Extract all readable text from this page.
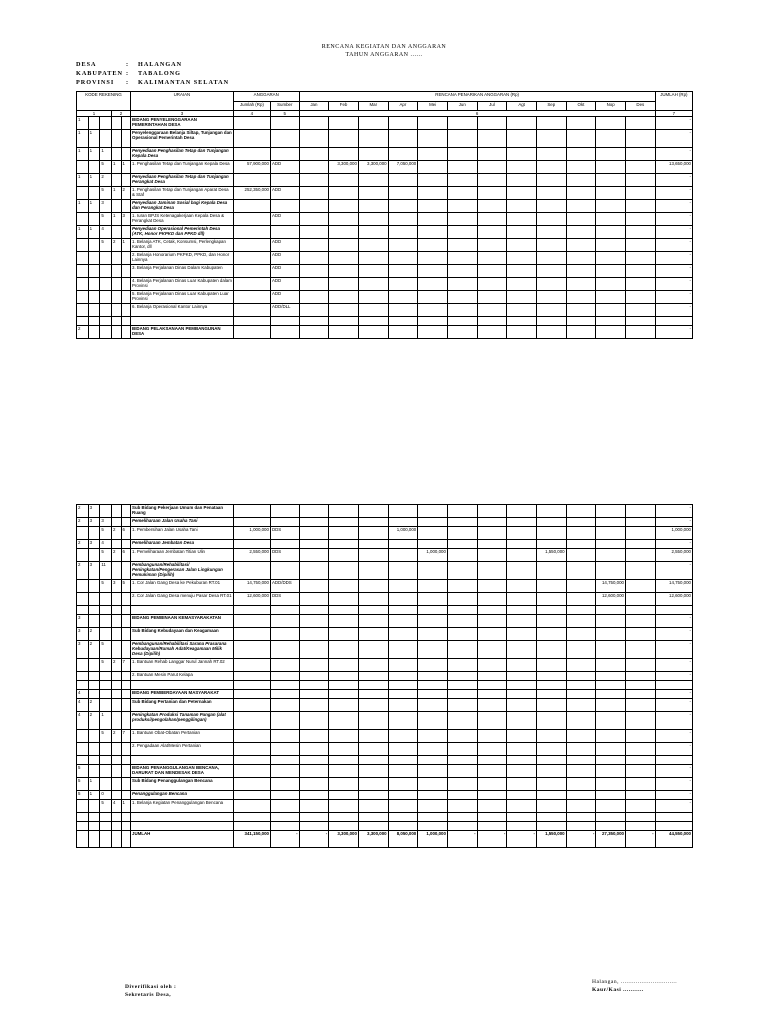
RENCANA KEGIATAN DAN ANGGARAN
TAHUN ANGGARAN ......
DESA	:	HALANGAN
KABUPATEN :	TABALONG
PROVINSI	:	KALIMANTAN SELATAN
KODE REKENING					URAIAN	ANGGARAN		RENCANA PENARIKAN ANGGARAN (Rp)												JUMLAH (Rp)
						Jumlah (Rp)	Sumber	Jan	Feb	Mar	Apr	Mei	Jun	Jul	Agt	Sep	Okt	Nop	Des	
1			2		3	4	5	6												7
1					BIDANG PENYELENGGARAAN PEMERINTAHAN DESA															-
1	1				Penyelenggaraan Belanja Siltap, Tunjangan dan Operasional Pemerintah Desa															-
1	1	1			Penyediaan Penghasilan Tetap dan Tunjangan Kepala Desa															-
		5	1	1	1. Penghasilan Tetap dan Tunjangan Kepala Desa	57,900,000	ADD		3,300,000	3,300,000	7,050,000									13,650,000
1	1	2			Penyediaan Penghasilan Tetap dan Tunjangan Perangkat Desa															-
		5	1	2	1. Penghasilan Tetap dan Tunjangan Aparat Desa & Staf	252,350,000	ADD													-
1	1	3			Penyediaan Jaminan Sosial bagi Kepala Desa dan Perangkat Desa															-
		5	1	3	1. Iuran BPJS Ketenagakerjaan Kepala Desa & Perangkat Desa		ADD													-
1	1	4			Penyediaan Operasional Pemerintah Desa (ATK, Honor PKPKD dan PPKD dll)															-
		5	2	1	1. Belanja ATK, Cetak, Konsumsi, Perlengkapan Kantor, dll		ADD													-
					2. Belanja Honorarium PKPKD, PPKD, dan Honor Lainnya		ADD													-
					3. Belanja Perjalanan Dinas Dalam Kabupaten		ADD													-
					4. Belanja Perjalanan Dinas Luar Kabupaten dalam Provinsi		ADD													-
					5. Belanja Perjalanan Dinas Luar Kabupaten Luar Provinsi		ADD													-
					6. Belanja Operasional Kantor Lainnya		ADD/DLL													-

2					BIDANG PELAKSANAAN PEMBANGUNAN DESA															-
2	3				Sub Bidang Pekerjaan Umum dan Penataan Ruang															-
2	3	3			Pemeliharaan Jalan Usaha Tani															-
		5	2	6	1. Pembersihan Jalan Usaha Tani	1,000,000	DDS				1,000,000									1,000,000
2	3	4			Pemeliharaan Jembatan Desa															-
		5	2	6	1. Pemeliharaan Jembatan Titian Ulin	2,550,000	DDS					1,000,000				1,550,000				2,550,000
2	3	11			Pembangunan/Rehabilitasi/ Peningkatan/Pengerasan Jalan Lingkungan Pemukiman (Dipilih)															-
		5	3	5	1. Cor Jalan Gang Desa ke Pekuburan RT.01	14,750,000	ADD/DDS											14,750,000		14,750,000
					2. Cor Jalan Gang Desa menuju Pasar Desa RT.01	12,600,000	DDS											12,600,000		12,600,000

3					BIDANG PEMBINAAN KEMASYARAKATAN															-
3	2				Sub Bidang Kebudayaan dan Keagamaan															-
3	2	5			Pembangunan/Rehabilitasi Sarana Prasarana Kebudayaan/Rumah Adat/Keagamaan Milik Desa (Dipilih)															-
		5	2	7	1. Bantuan Rehab Langgar Nurul Jannah RT.02															-
					2. Bantuan Mesin Parut Kelapa															-

4					BIDANG PEMBERDAYAAN MASYARAKAT															-
4	2				Sub Bidang Pertanian dan Peternakan															-
4	2	1			Peningkatan Produksi Tanaman Pangan (alat produksi/pengolahan/penggilingan)															-
		5	2	7	1. Bantuan Obat-Obatan Pertanian															-
					2. Pengadaan Alat/Mesin Pertanian															-

5					BIDANG PENANGGULANGAN BENCANA, DARURAT DAN MENDESAK DESA															-
5	1				Sub Bidang Penanggulangan Bencana															-
5	1	0			Penanggulangan Bencana															-
		5	4	1	1. Belanja Kegiatan Penanggulangan Bencana															-

					JUMLAH	341,150,000	-	-	3,300,000	3,300,000	8,050,000	1,000,000	-	-	-	1,550,000	-	27,350,000	-	44,550,000
Diverifikasi oleh :
Sekretaris Desa,
Halangan, ..............................
Kaur/Kasi ...........
